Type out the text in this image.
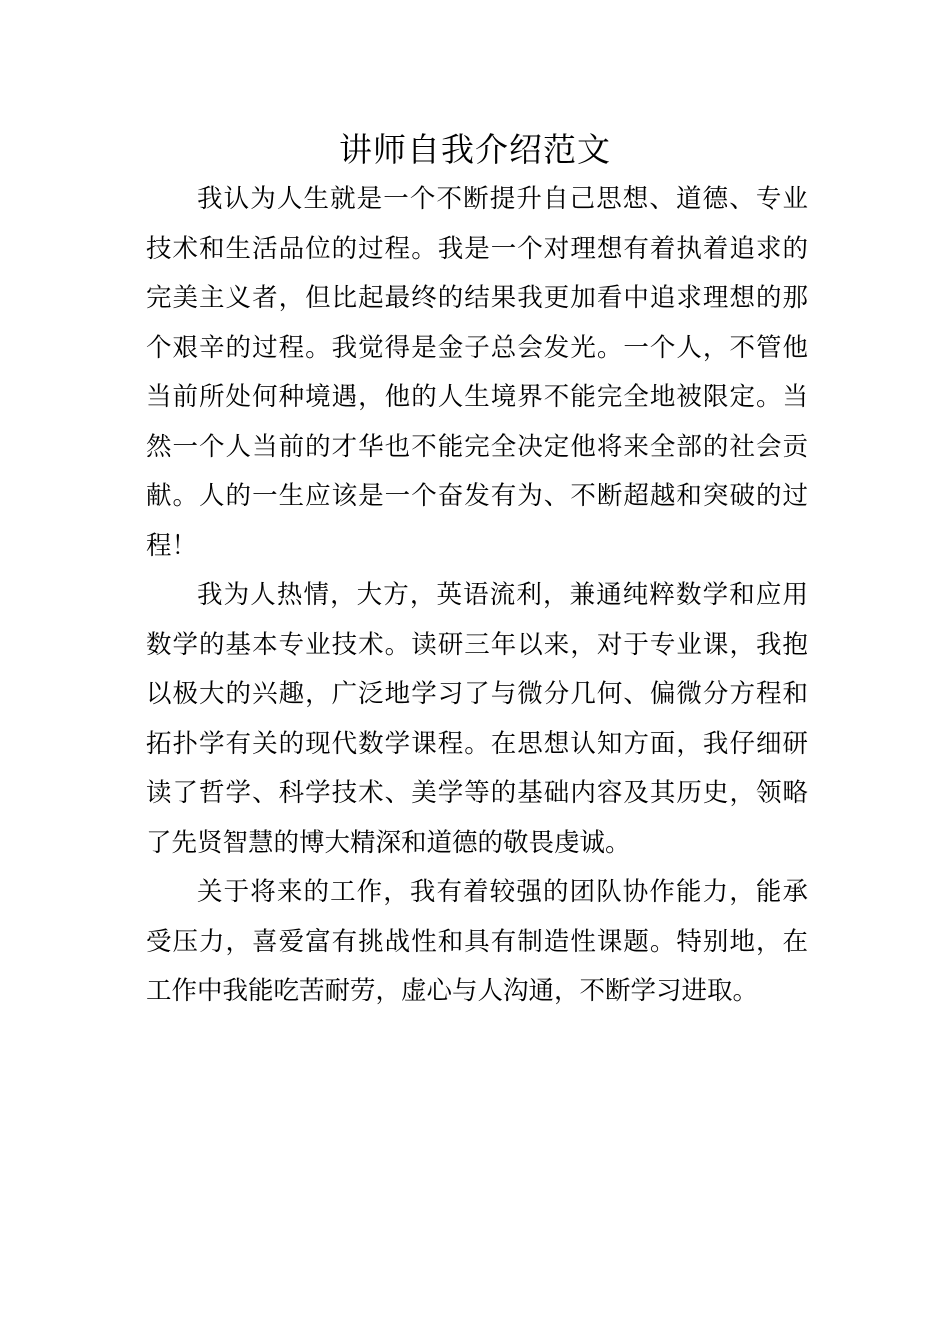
讲师自我介绍范文

我认为人生就是一个不断提升自己思想、道德、专业技术和生活品位的过程。我是一个对理想有着执着追求的完美主义者，但比起最终的结果我更加看中追求理想的那个艰辛的过程。我觉得是金子总会发光。一个人，不管他当前所处何种境遇，他的人生境界不能完全地被限定。当然一个人当前的才华也不能完全决定他将来全部的社会贡献。人的一生应该是一个奋发有为、不断超越和突破的过程！

我为人热情，大方，英语流利，兼通纯粹数学和应用数学的基本专业技术。读研三年以来，对于专业课，我抱以极大的兴趣，广泛地学习了与微分几何、偏微分方程和拓扑学有关的现代数学课程。在思想认知方面，我仔细研读了哲学、科学技术、美学等的基础内容及其历史，领略了先贤智慧的博大精深和道德的敬畏虔诚。

关于将来的工作，我有着较强的团队协作能力，能承受压力，喜爱富有挑战性和具有制造性课题。特别地，在工作中我能吃苦耐劳，虚心与人沟通，不断学习进取。
